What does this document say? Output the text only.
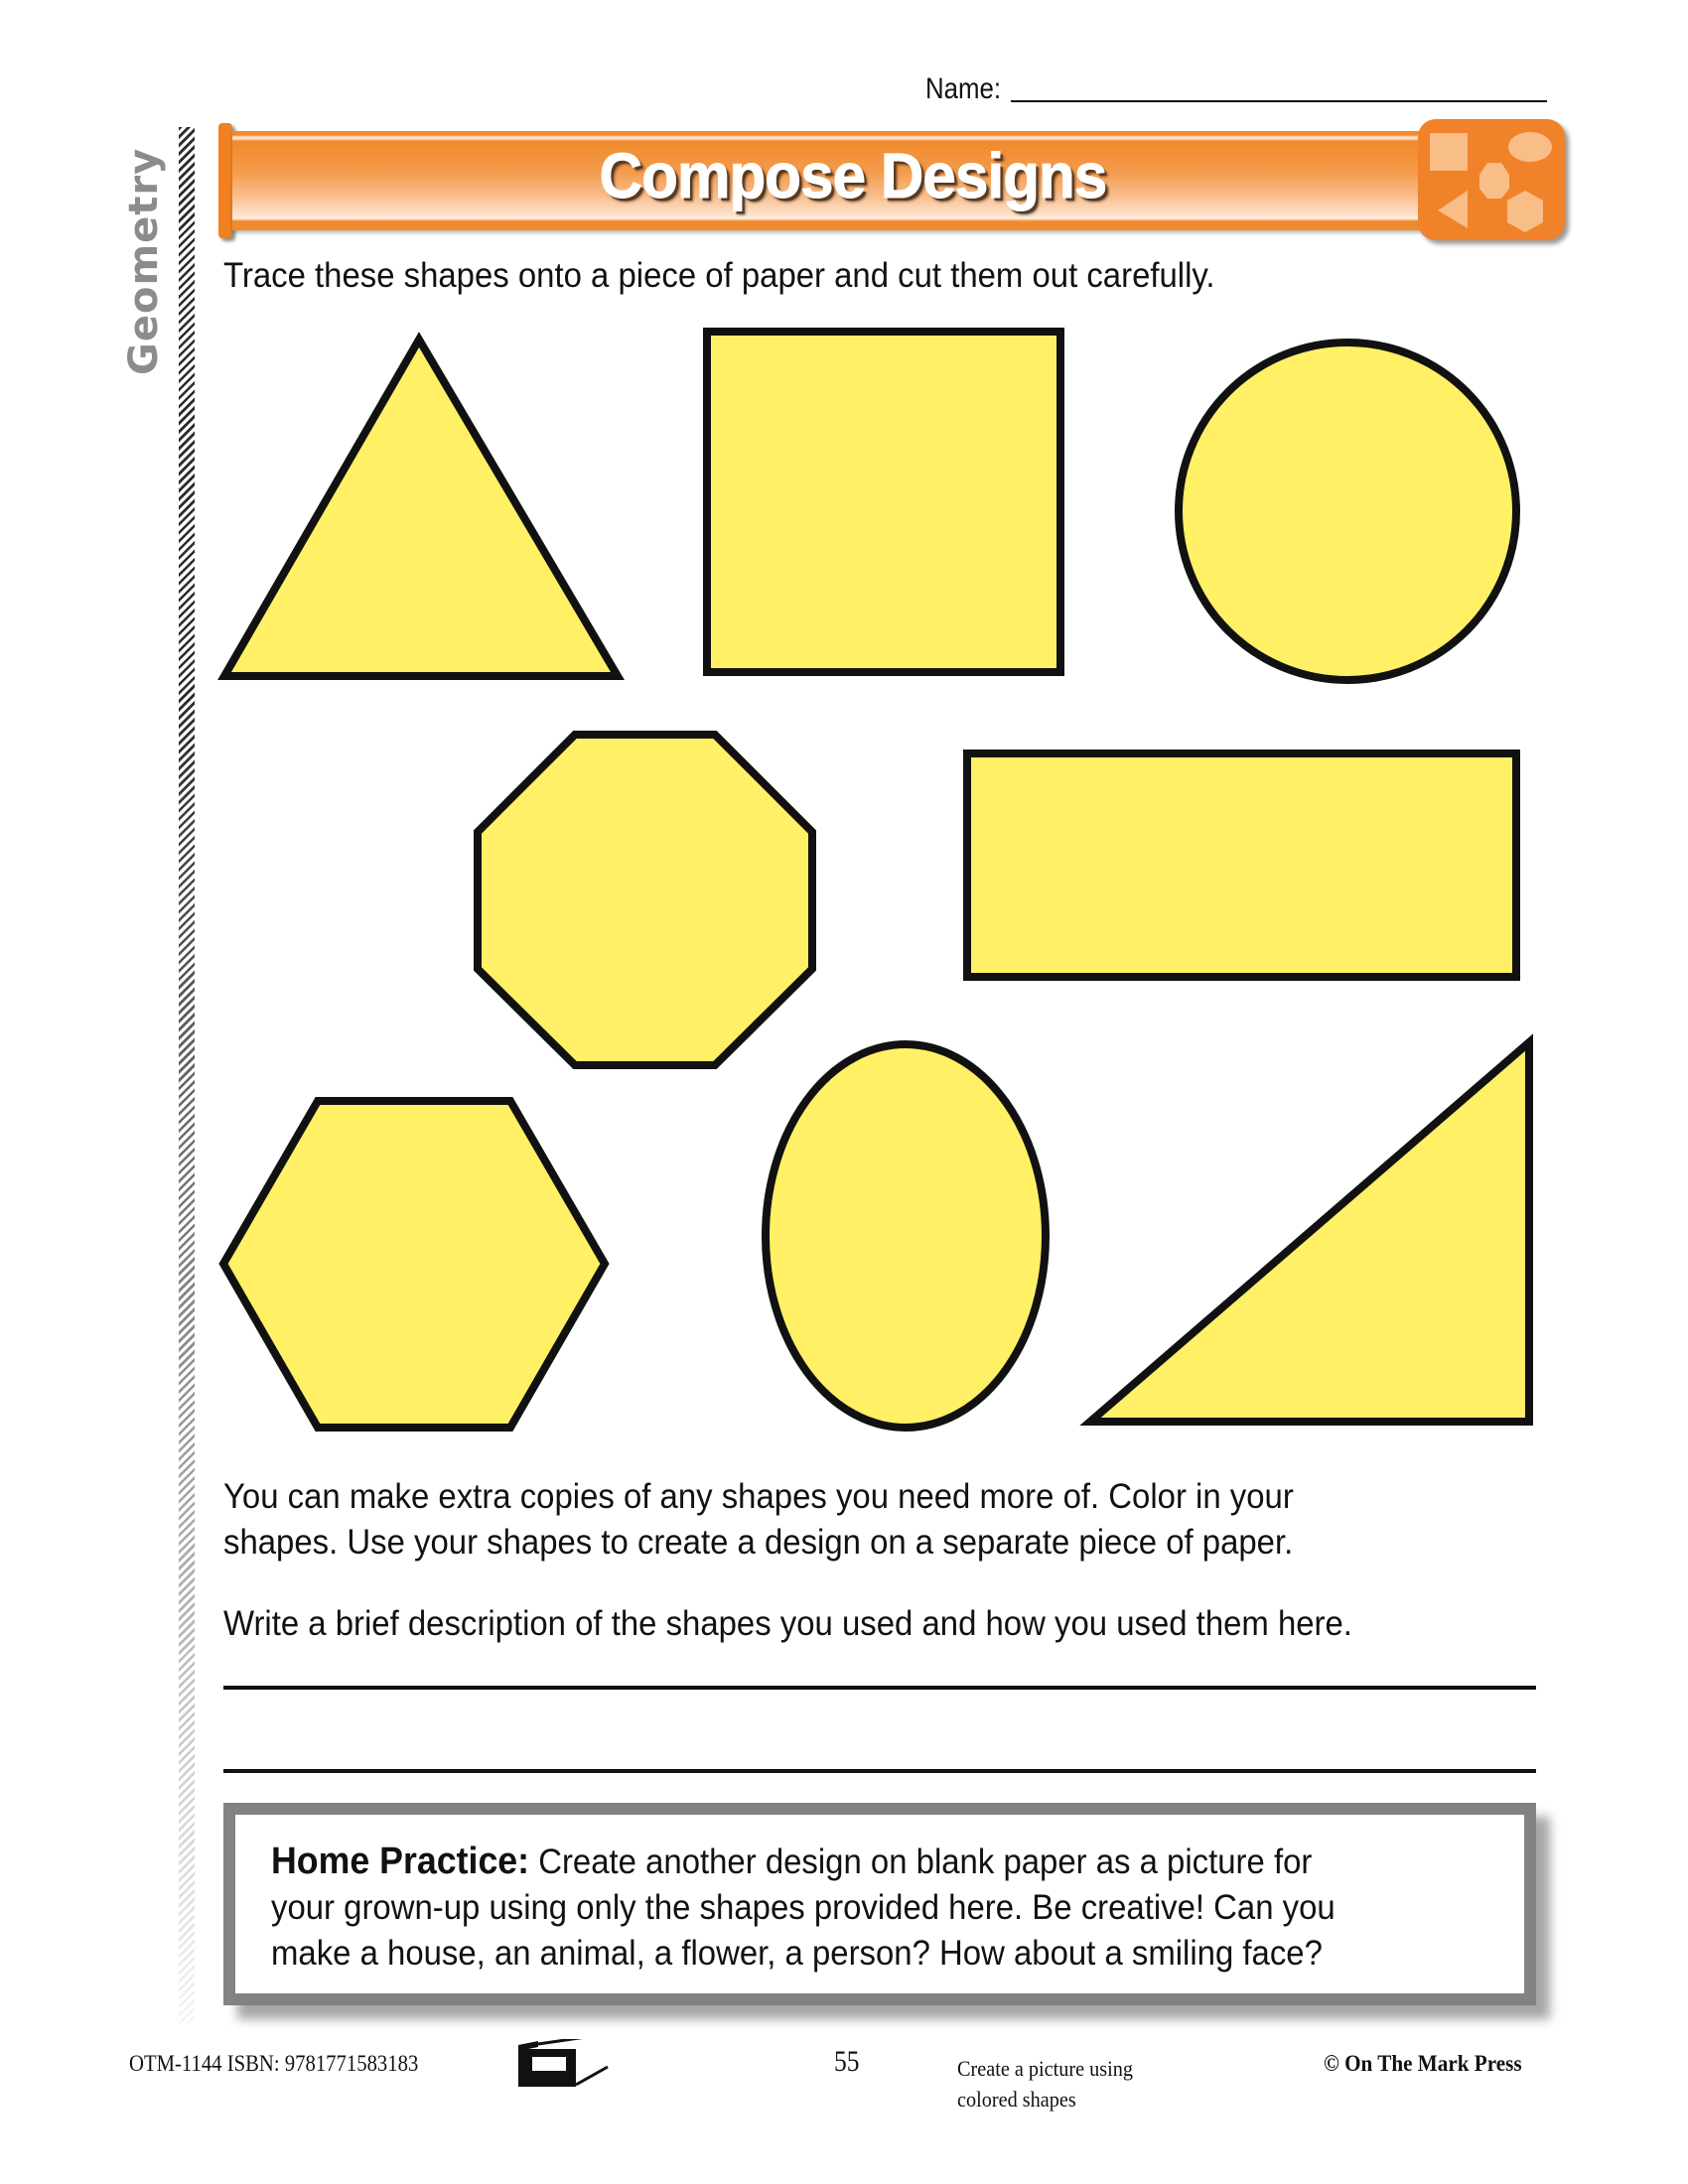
Name:
Geometry	Compose Designs
Trace these shapes onto a piece of paper and cut them out carefully.
You can make extra copies of any shapes you need more of. Color in your
shapes. Use your shapes to create a design on a separate piece of paper.
Write a brief description of the shapes you used and how you used them here.
Home Practice: Create another design on blank paper as a picture for
your grown-up using only the shapes provided here. Be creative! Can you
make a house, an animal, a flower, a person? How about a smiling face?
OTM-1144 ISBN: 9781771583183	55	Create a picture using
colored shapes
© On The Mark Press
